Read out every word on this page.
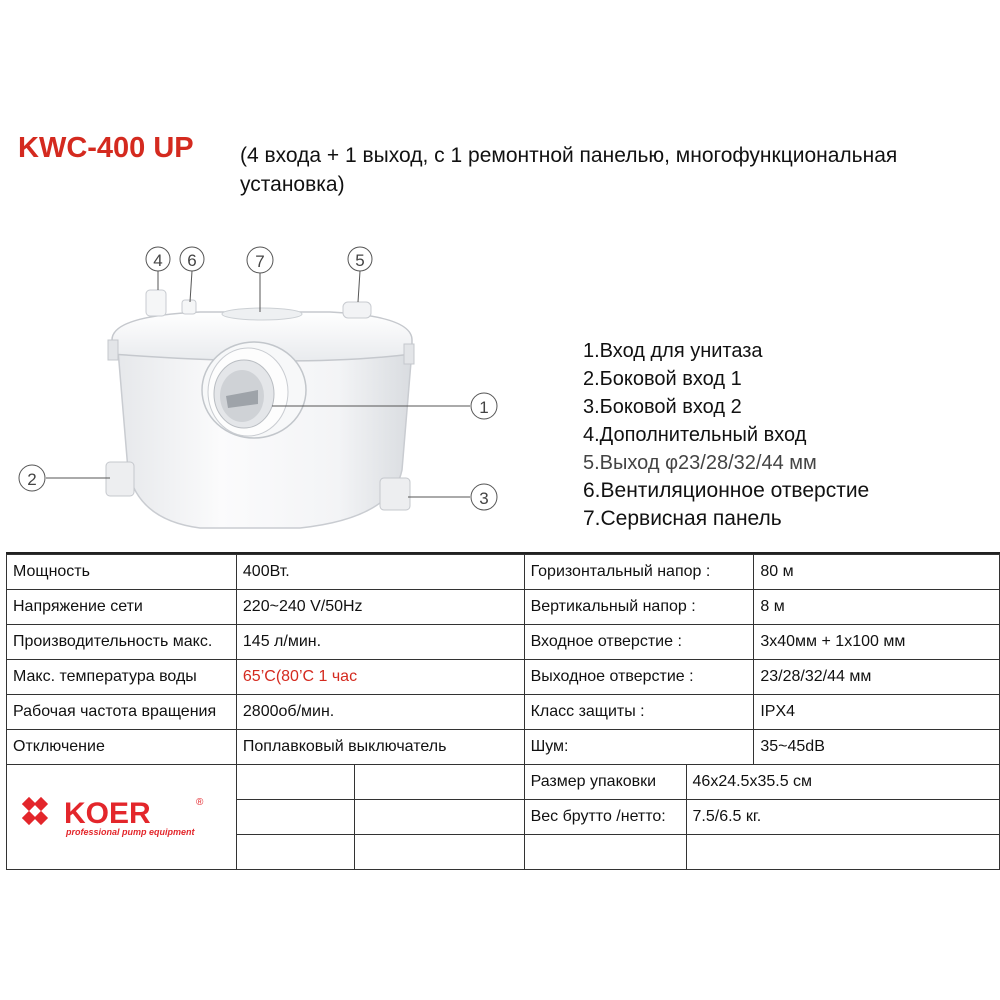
KWC-400 UP (4 входа + 1 выход, с 1 ремонтной панелью, многофункциональная установка)
4 6	7	5
1
2
3
1.Вход для унитаза
2.Боковой вход 1
3.Боковой вход 2
4.Дополнительный вход
5.Выход φ23/28/32/44 мм
6.Вентиляционное отверстие
7.Сервисная панель
Мощность	400Вт.		Горизонтальный напор :		80 м
Напряжение сети	220~240 V/50Hz		Вертикальный напор :		8 м
Производительность макс.	145 л/мин.		Входное отверстие :		3x40мм + 1x100 мм
Макс. температура воды	65’C(80’C 1 час		Выходное отверстие :		23/28/32/44 мм
Рабочая частота вращения	2800об/мин.		Класс защиты :		IPX4
Отключение	Поплавковый выключатель		Шум:		35~45dB
			Размер упаковки	46x24.5x35.5 см	
			Вес брутто /нетто:	7.5/6.5 кг.	

KOER	®
professional pump equipment
